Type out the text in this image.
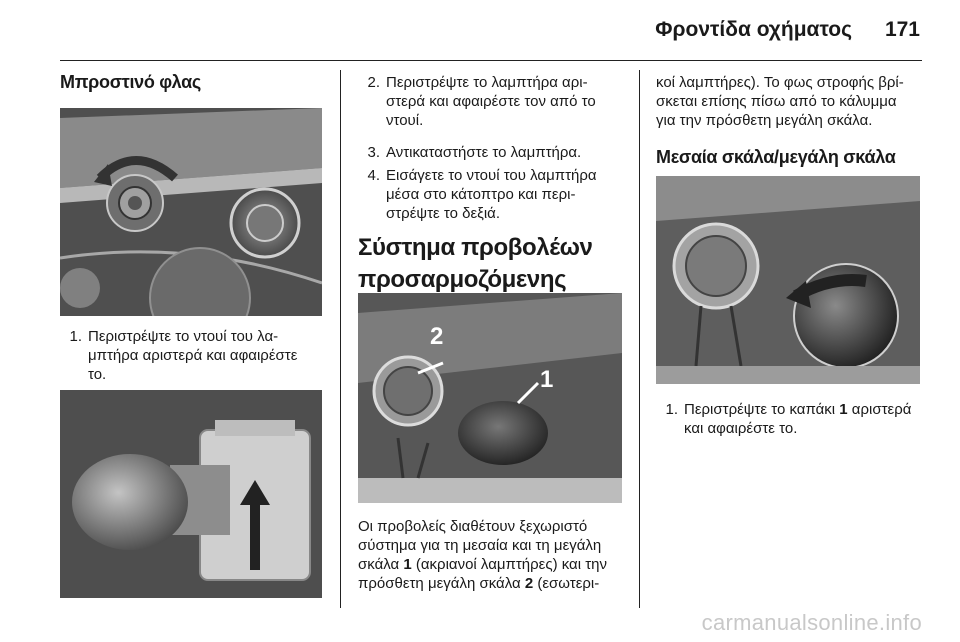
Φροντίδα οχήματος 171
Μπροστινό φλας
1. Περιστρέψτε το ντουί του λα-
μπτήρα αριστερά και αφαιρέστε
το.
2. Περιστρέψτε το λαμπτήρα αρι-
στερά και αφαιρέστε τον από το
ντουί.
3. Αντικαταστήστε το λαμπτήρα.
4. Εισάγετε το ντουί του λαμπτήρα
μέσα στο κάτοπτρο και περι-
στρέψτε το δεξιά.
Σύστημα προβολέων
προσαρμοζόμενης
2
1
Οι προβολείς διαθέτουν ξεχωριστό
σύστημα για τη μεσαία και τη μεγάλη
σκάλα 1 (ακριανοί λαμπτήρες) και την
πρόσθετη μεγάλη σκάλα 2 (εσωτερι-
κοί λαμπτήρες). Το φως στροφής βρί-
σκεται επίσης πίσω από το κάλυμμα
για την πρόσθετη μεγάλη σκάλα.
Μεσαία σκάλα/μεγάλη σκάλα
1. Περιστρέψτε το καπάκι 1 αριστερά
και αφαιρέστε το.
carmanualsonline.info
